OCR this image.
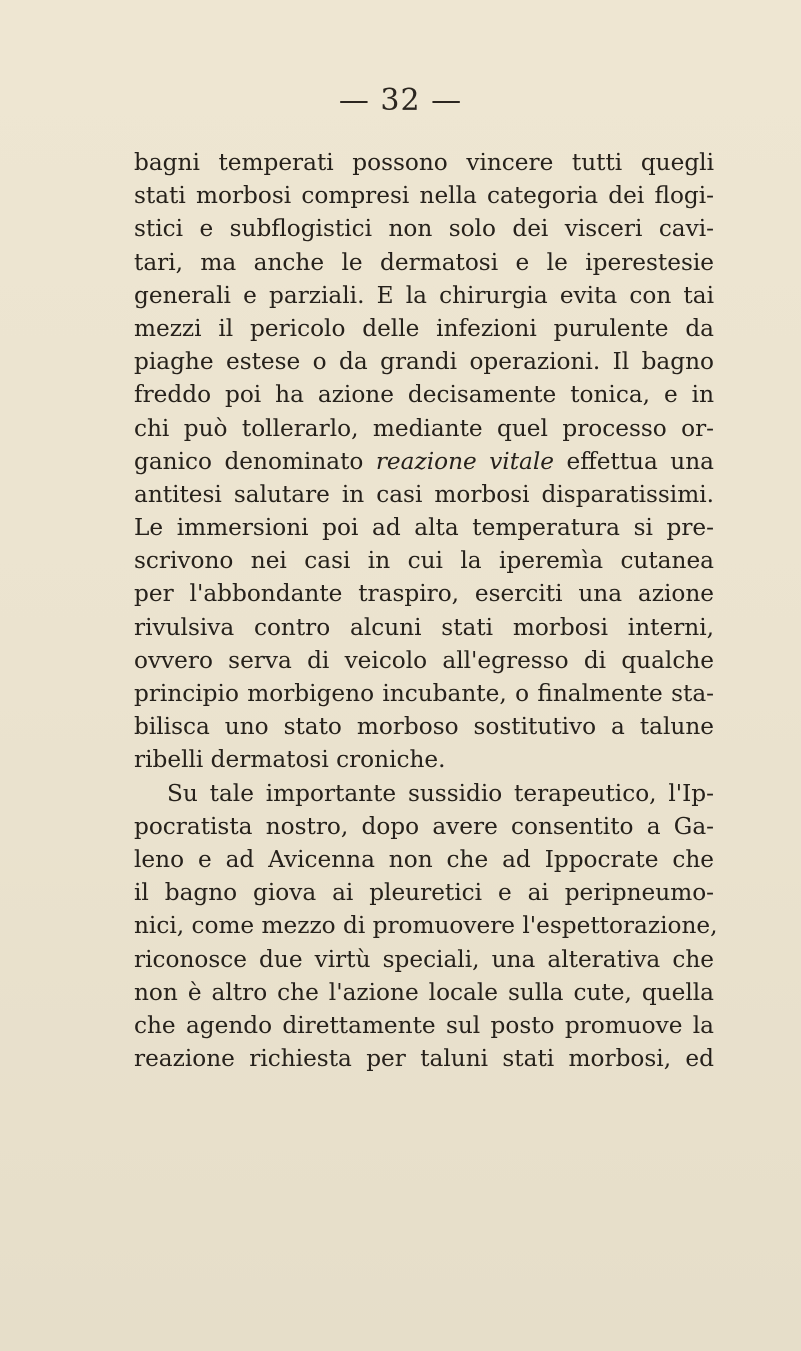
— 32 —
bagni temperati possono vincere tutti quegli
stati morbosi compresi nella categoria dei flogi-
stici e subflogistici non solo dei visceri cavi-
tari, ma anche le dermatosi e le iperestesie
generali e parziali. E la chirurgia evita con tai
mezzi il pericolo delle infezioni purulente da
piaghe estese o da grandi operazioni. Il bagno
freddo poi ha azione decisamente tonica, e in
chi può tollerarlo, mediante quel processo or-
ganico denominato reazione vitale effettua una
antitesi salutare in casi morbosi disparatissimi.
Le immersioni poi ad alta temperatura si pre-
scrivono nei casi in cui la iperemìa cutanea
per l'abbondante traspiro, eserciti una azione
rivulsiva contro alcuni stati morbosi interni,
ovvero serva di veicolo all'egresso di qualche
principio morbigeno incubante, o finalmente sta-
bilisca uno stato morboso sostitutivo a talune
ribelli dermatosi croniche.
Su tale importante sussidio terapeutico, l'Ip-
pocratista nostro, dopo avere consentito a Ga-
leno e ad Avicenna non che ad Ippocrate che
il bagno giova ai pleuretici e ai peripneumo-
nici, come mezzo di promuovere l'espettorazione,
riconosce due virtù speciali, una alterativa che
non è altro che l'azione locale sulla cute, quella
che agendo direttamente sul posto promuove la
reazione richiesta per taluni stati morbosi, ed
